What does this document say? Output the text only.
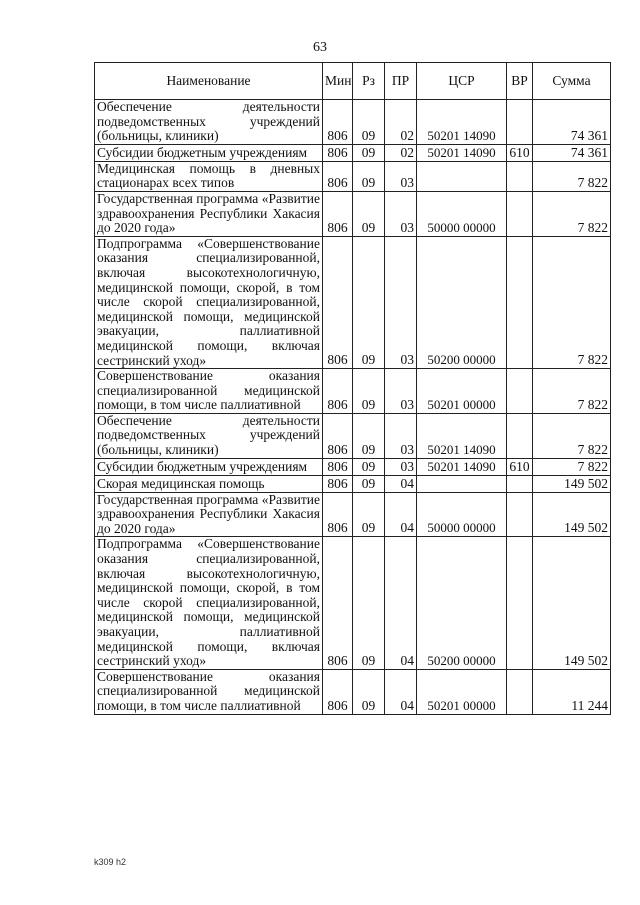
63
Наименование	Мин	Рз	ПР	ЦСР	ВР	Сумма
Обеспечение деятельности подведомственных учреждений (больницы, клиники)	806	09	02	50201 14090		74 361
Субсидии бюджетным учреждениям	806	09	02	50201 14090	610	74 361
Медицинская помощь в дневных стационарах всех типов	806	09	03			7 822
Государственная программа «Развитие здравоохранения Республики Хакасия до 2020 года»	806	09	03	50000 00000		7 822
Подпрограмма «Совершенствование оказания специализированной, включая высокотехнологичную, медицинской помощи, скорой, в том числе скорой специализированной, медицинской помощи, медицинской эвакуации, паллиативной медицинской помощи, включая сестринский уход»	806	09	03	50200 00000		7 822
Совершенствование оказания специализированной медицинской помощи, в том числе паллиативной	806	09	03	50201 00000		7 822
Обеспечение деятельности подведомственных учреждений (больницы, клиники)	806	09	03	50201 14090		7 822
Субсидии бюджетным учреждениям	806	09	03	50201 14090	610	7 822
Скорая медицинская помощь	806	09	04			149 502
Государственная программа «Развитие здравоохранения Республики Хакасия до 2020 года»	806	09	04	50000 00000		149 502
Подпрограмма «Совершенствование оказания специализированной, включая высокотехнологичную, медицинской помощи, скорой, в том числе скорой специализированной, медицинской помощи, медицинской эвакуации, паллиативной медицинской помощи, включая сестринский уход»	806	09	04	50200 00000		149 502
Совершенствование оказания специализированной медицинской помощи, в том числе паллиативной	806	09	04	50201 00000		11 244
k309 h2
